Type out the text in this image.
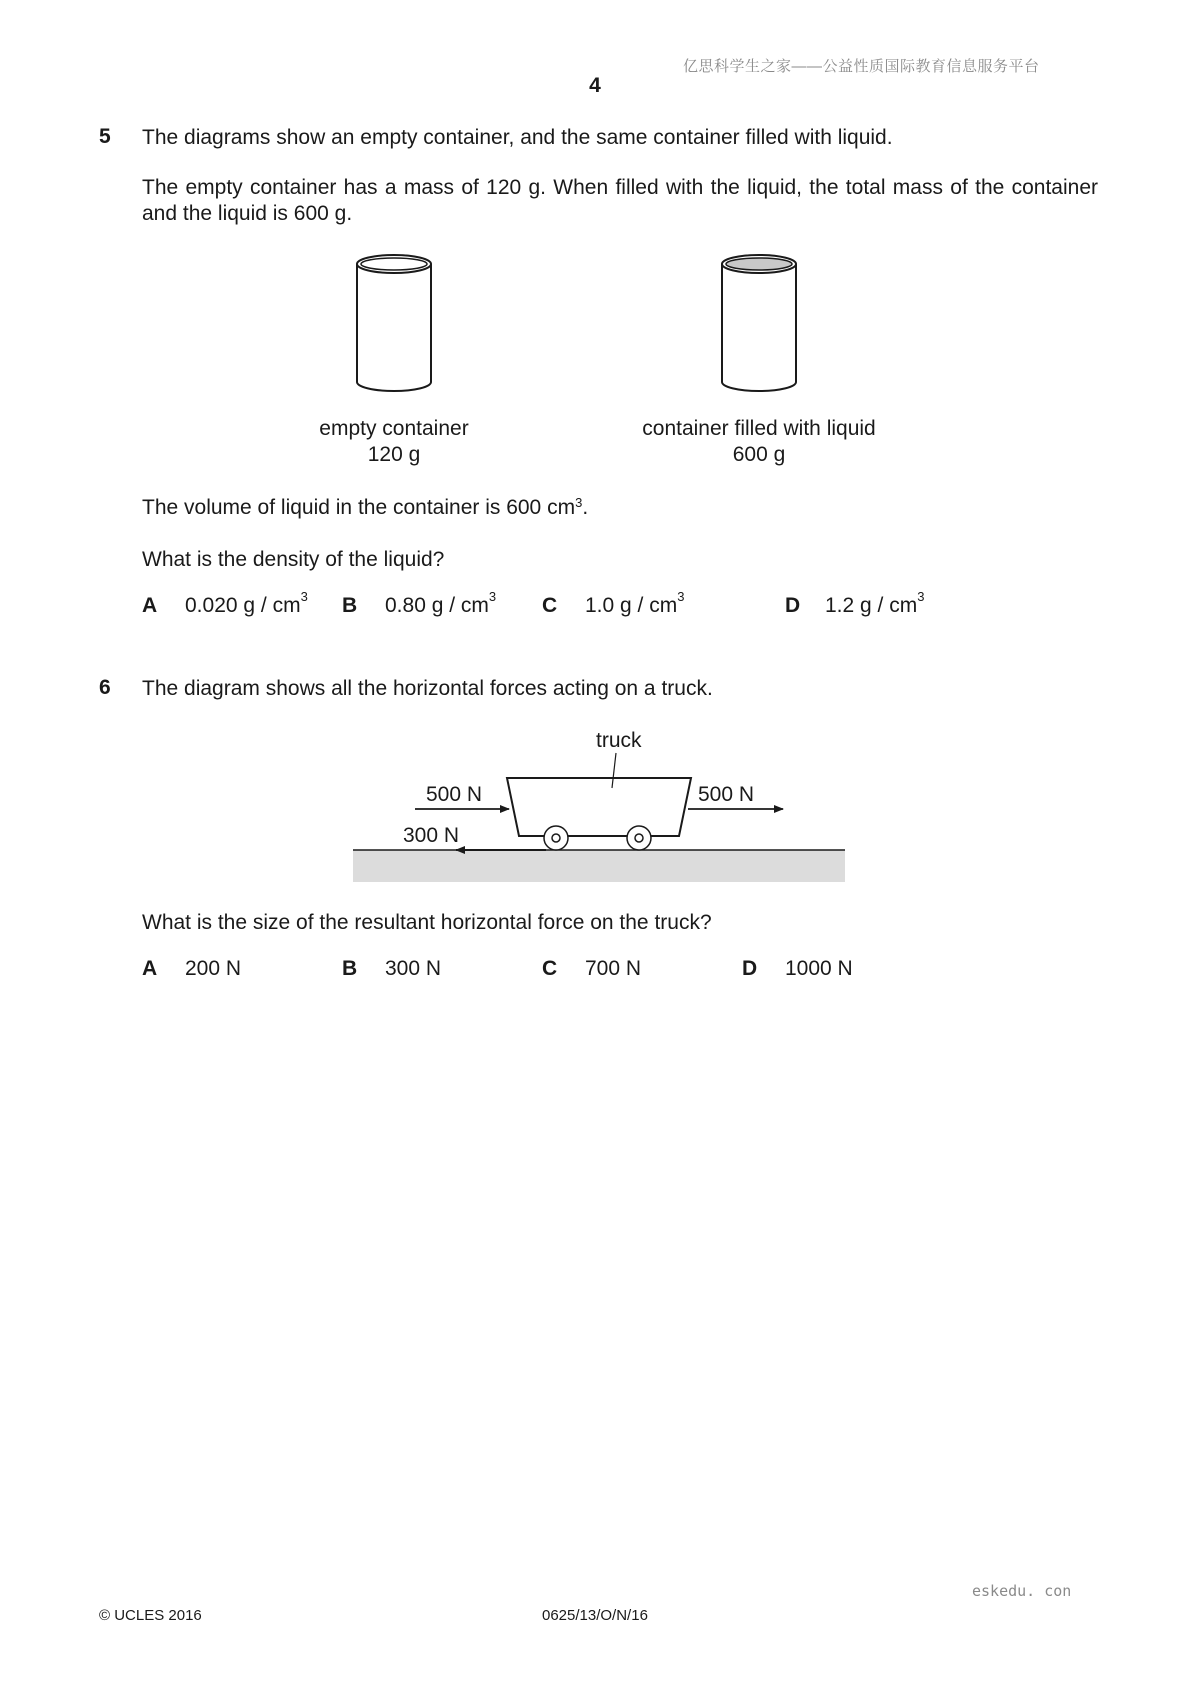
亿思科学生之家——公益性质国际教育信息服务平台
4
5 The diagrams show an empty container, and the same container filled with liquid.
The empty container has a mass of 120 g. When filled with the liquid, the total mass of the container and the liquid is 600 g.
empty container
120 g
container filled with liquid
600 g
The volume of liquid in the container is 600 $cm^3$.
What is the density of the liquid?
A 0.020 g / $cm^3$ B 0.80 g / $cm^3$ C 1.0 g / $cm^3$	D 1.2 g / $cm^3$
6 The diagram shows all the horizontal forces acting on a truck.
truck
500 N
300 N
500 N
What is the size of the resultant horizontal force on the truck?
A 200 N	B 300 N	C 700 N	D 1000 N
eskedu. con
© UCLES 2016	0625/13/O/N/16
